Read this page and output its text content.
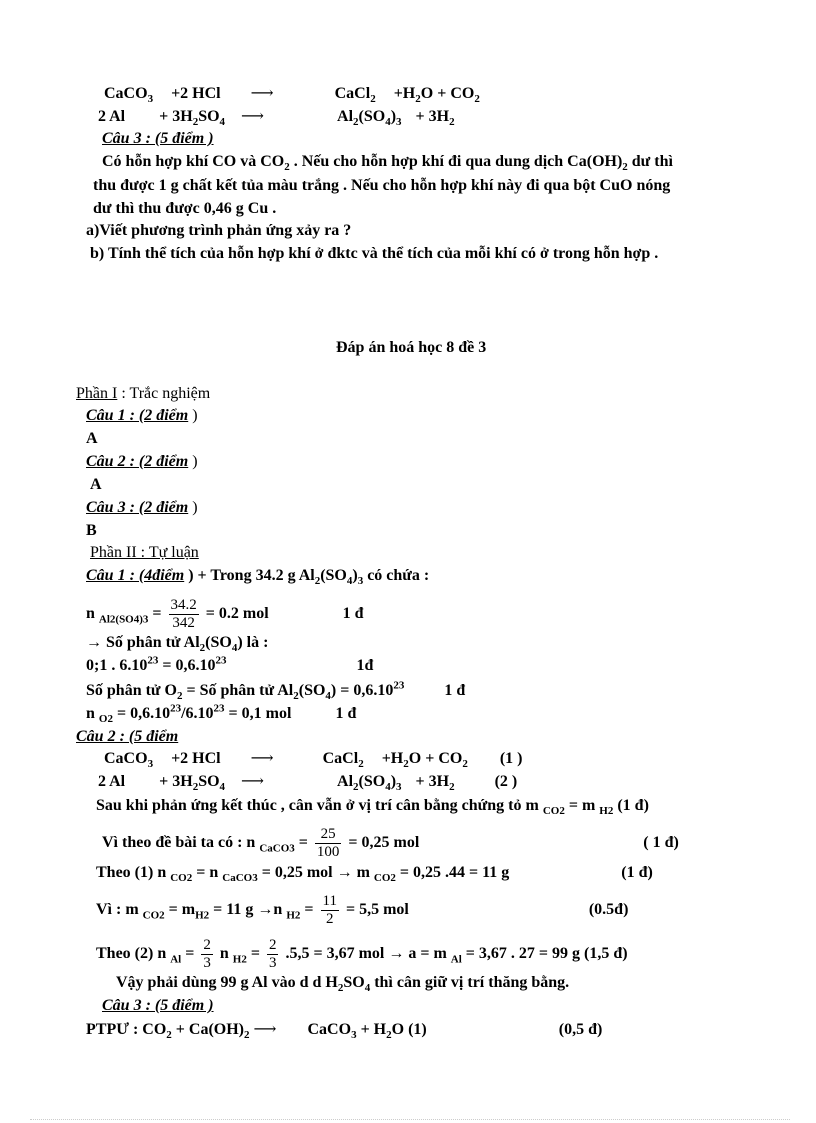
CaCO$_3$ +2 HCl ⟶	CaCl$_2$ $+H_2O + CO_2$
2 $Al + 3H_2SO_4$ ⟶	$Al_2(SO_4)_3 + 3H_2$
Câu 3 : (5 điểm )
Có hỗn hợp khí CO và $CO_2$ . Nếu cho hỗn hợp khí đi qua dung dịch $Ca(OH)_2$ dư thì
thu được 1 g chất kết tủa màu trắng . Nếu cho hỗn hợp khí này đi qua bột CuO nóng
dư thì thu được 0,46 g Cu .
a)Viết phương trình phản ứng xảy ra ?
b) Tính thể tích của hỗn hợp khí ở đktc và thể tích của mỗi khí có ở trong hỗn hợp .
Đáp án hoá học 8 đề 3
Phần I : Trắc nghiệm
Câu 1 : (2 điểm )
A
Câu 2 : (2 điểm )
A
Câu 3 : (2 điểm )
B
Phần II : Tự luận
Câu 1 : (4điểm ) + Trong 34.2 g $Al_2(SO_4)_3$ có chứa :
n $_{Al2(SO4)3} = \frac{34.2}{342} = 0.2$ mol	1 đ
→ Số phân tử $Al_2(SO_4)$ là :
0;1 . $6.10^{23} = 0,6.10^{23}$	1đ
Số phân tử $O_2$ = Số phân tử $Al_2(SO_4) = 0,6.10^{23}$	1 đ
n $_{O2} = 0,6.10^{23}/6.10^{23} = 0,1$ mol	1 đ
Câu 2 : (5 điểm
CaCO$_3$ +2 HCl ⟶	CaCl$_2$ $+H_2O + CO_2$ (1 )
2 $Al + 3H_2SO_4$ ⟶	$Al_2(SO_4)_3 + 3H_2$	(2 )
Sau khi phản ứng kết thúc , cân vẫn ở vị trí cân bằng chứng tỏ m $_{CO2}$ = m $_{H2}$ (1 đ)
Vì theo đề bài ta có : n $_{CaCO3} = \frac{25}{100} = 0,25$ mol	( 1 đ)
Theo (1) n $_{CO2}$ = n $_{CaCO3}$ = 0,25 mol → m $_{CO2}$ = 0,25 .44 = 11 g	(1 đ)
Vì : m $_{CO2} = m_{H2} = 11$ g →n $_{H2} = \frac{11}{2} = 5,5$ mol	(0.5đ)
Theo (2) n $_{Al} = \frac{2}{3}$ n $_{H2} = \frac{2}{3} .5,5 = 3,67$ mol → a = m $_{Al}$ = 3,67 . 27 = 99 g (1,5 đ)
Vậy phải dùng 99 g Al vào d d $H_2SO_4$ thì cân giữ vị trí thăng bằng.
Câu 3 : (5 điểm )
PTPƯ : $CO_2 + Ca(OH)_2$ ⟶ CaCO$_3$ + $H_2O$ (1)	(0,5 đ)
